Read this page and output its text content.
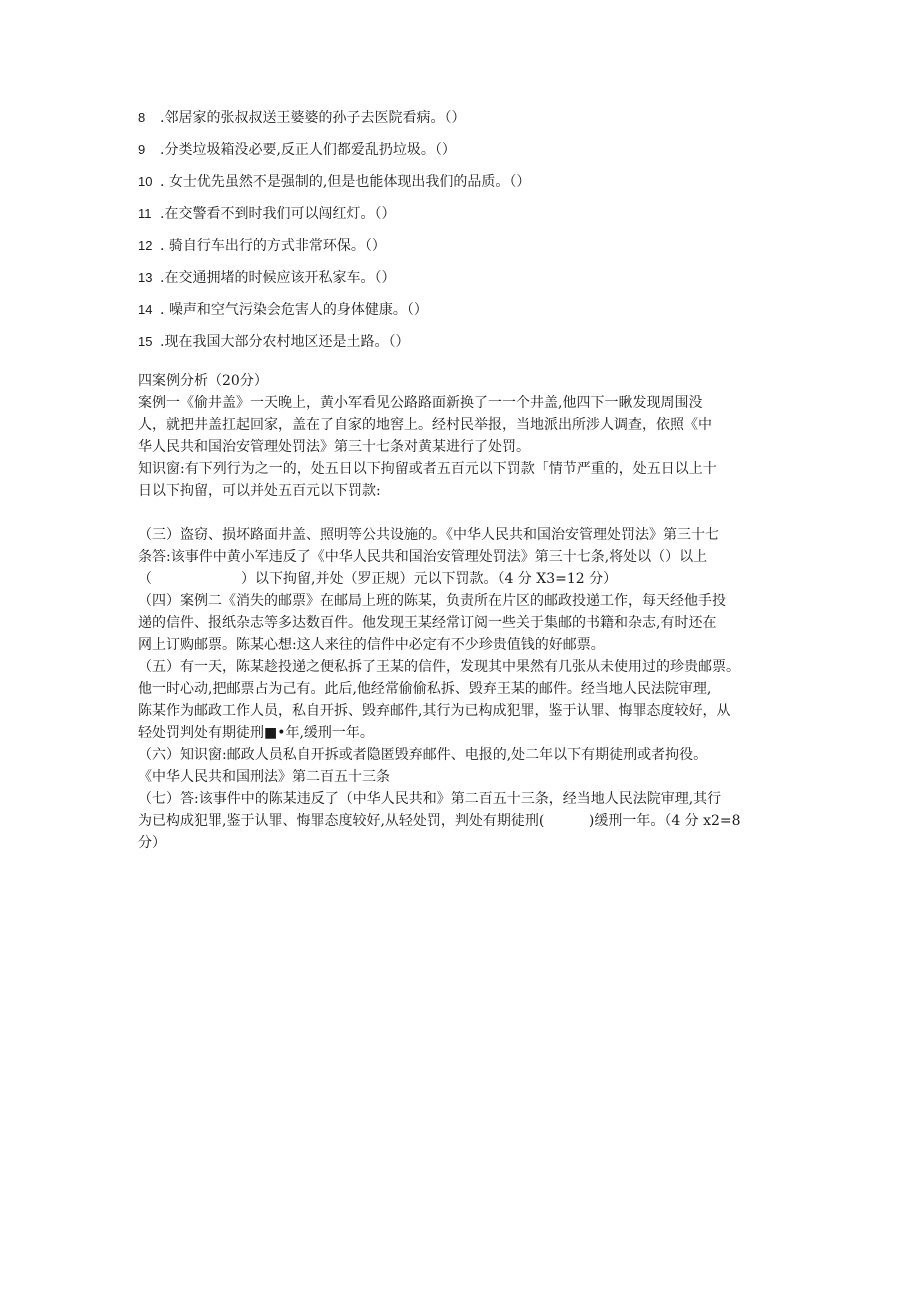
8 .邻居家的张叔叔送王婆婆的孙子去医院看病。（）
9 .分类垃圾箱没必要,反正人们都爱乱扔垃圾。（）
10 . 女士优先虽然不是强制的,但是也能体现出我们的品质。（）
11 .在交警看不到时我们可以闯红灯。（）
12 . 骑自行车出行的方式非常环保。（）
13 .在交通拥堵的时候应该开私家车。（）
14 . 噪声和空气污染会危害人的身体健康。（）
15 .现在我国大部分农村地区还是土路。（）

四案例分析（20分）

案例一《偷井盖》一天晚上，黄小军看见公路路面新换了一一个井盖,他四下一瞅发现周围没

人，就把井盖扛起回家，盖在了自家的地窖上。经村民举报，当地派出所涉人调查，依照《中

华人民共和国治安管理处罚法》第三十七条对黄某进行了处罚。

知识窗:有下列行为之一的，处五日以下拘留或者五百元以下罚款「情节严重的，处五日以上十

日以下拘留，可以并处五百元以下罚款:

（三）盗窃、损坏路面井盖、照明等公共设施的。《中华人民共和国治安管理处罚法》第三十七

条答:该事件中黄小军违反了《中华人民共和国治安管理处罚法》第三十七条,将处以（）以上

（                    ）以下拘留,并处（罗正规）元以下罚款。（4 分 X3=12 分）

（四）案例二《消失的邮票》在邮局上班的陈某，负责所在片区的邮政投递工作，每天经他手投

递的信件、报纸杂志等多达数百件。他发现王某经常订阅一些关于集邮的书籍和杂志,有时还在

网上订购邮票。陈某心想:这人来往的信件中必定有不少珍贵值钱的好邮票。

（五）有一天，陈某趁投递之便私拆了王某的信件，发现其中果然有几张从未使用过的珍贵邮票。

他一时心动,把邮票占为己有。此后,他经常偷偷私拆、毁弃王某的邮件。经当地人民法院审理,

陈某作为邮政工作人员，私自开拆、毁弃邮件,其行为已构成犯罪，鉴于认罪、悔罪态度较好，从

轻处罚判处有期徒刑■•年,缓刑一年。

（六）知识窗:邮政人员私自开拆或者隐匿毁弃邮件、电报的,处二年以下有期徒刑或者拘役。

《中华人民共和国刑法》第二百五十三条

（七）答:该事件中的陈某违反了（中华人民共和》第二百五十三条，经当地人民法院审理,其行

为已构成犯罪,鉴于认罪、悔罪态度较好,从轻处罚，判处有期徒刑(          )缓刑一年。（4 分 x2=8

分）
